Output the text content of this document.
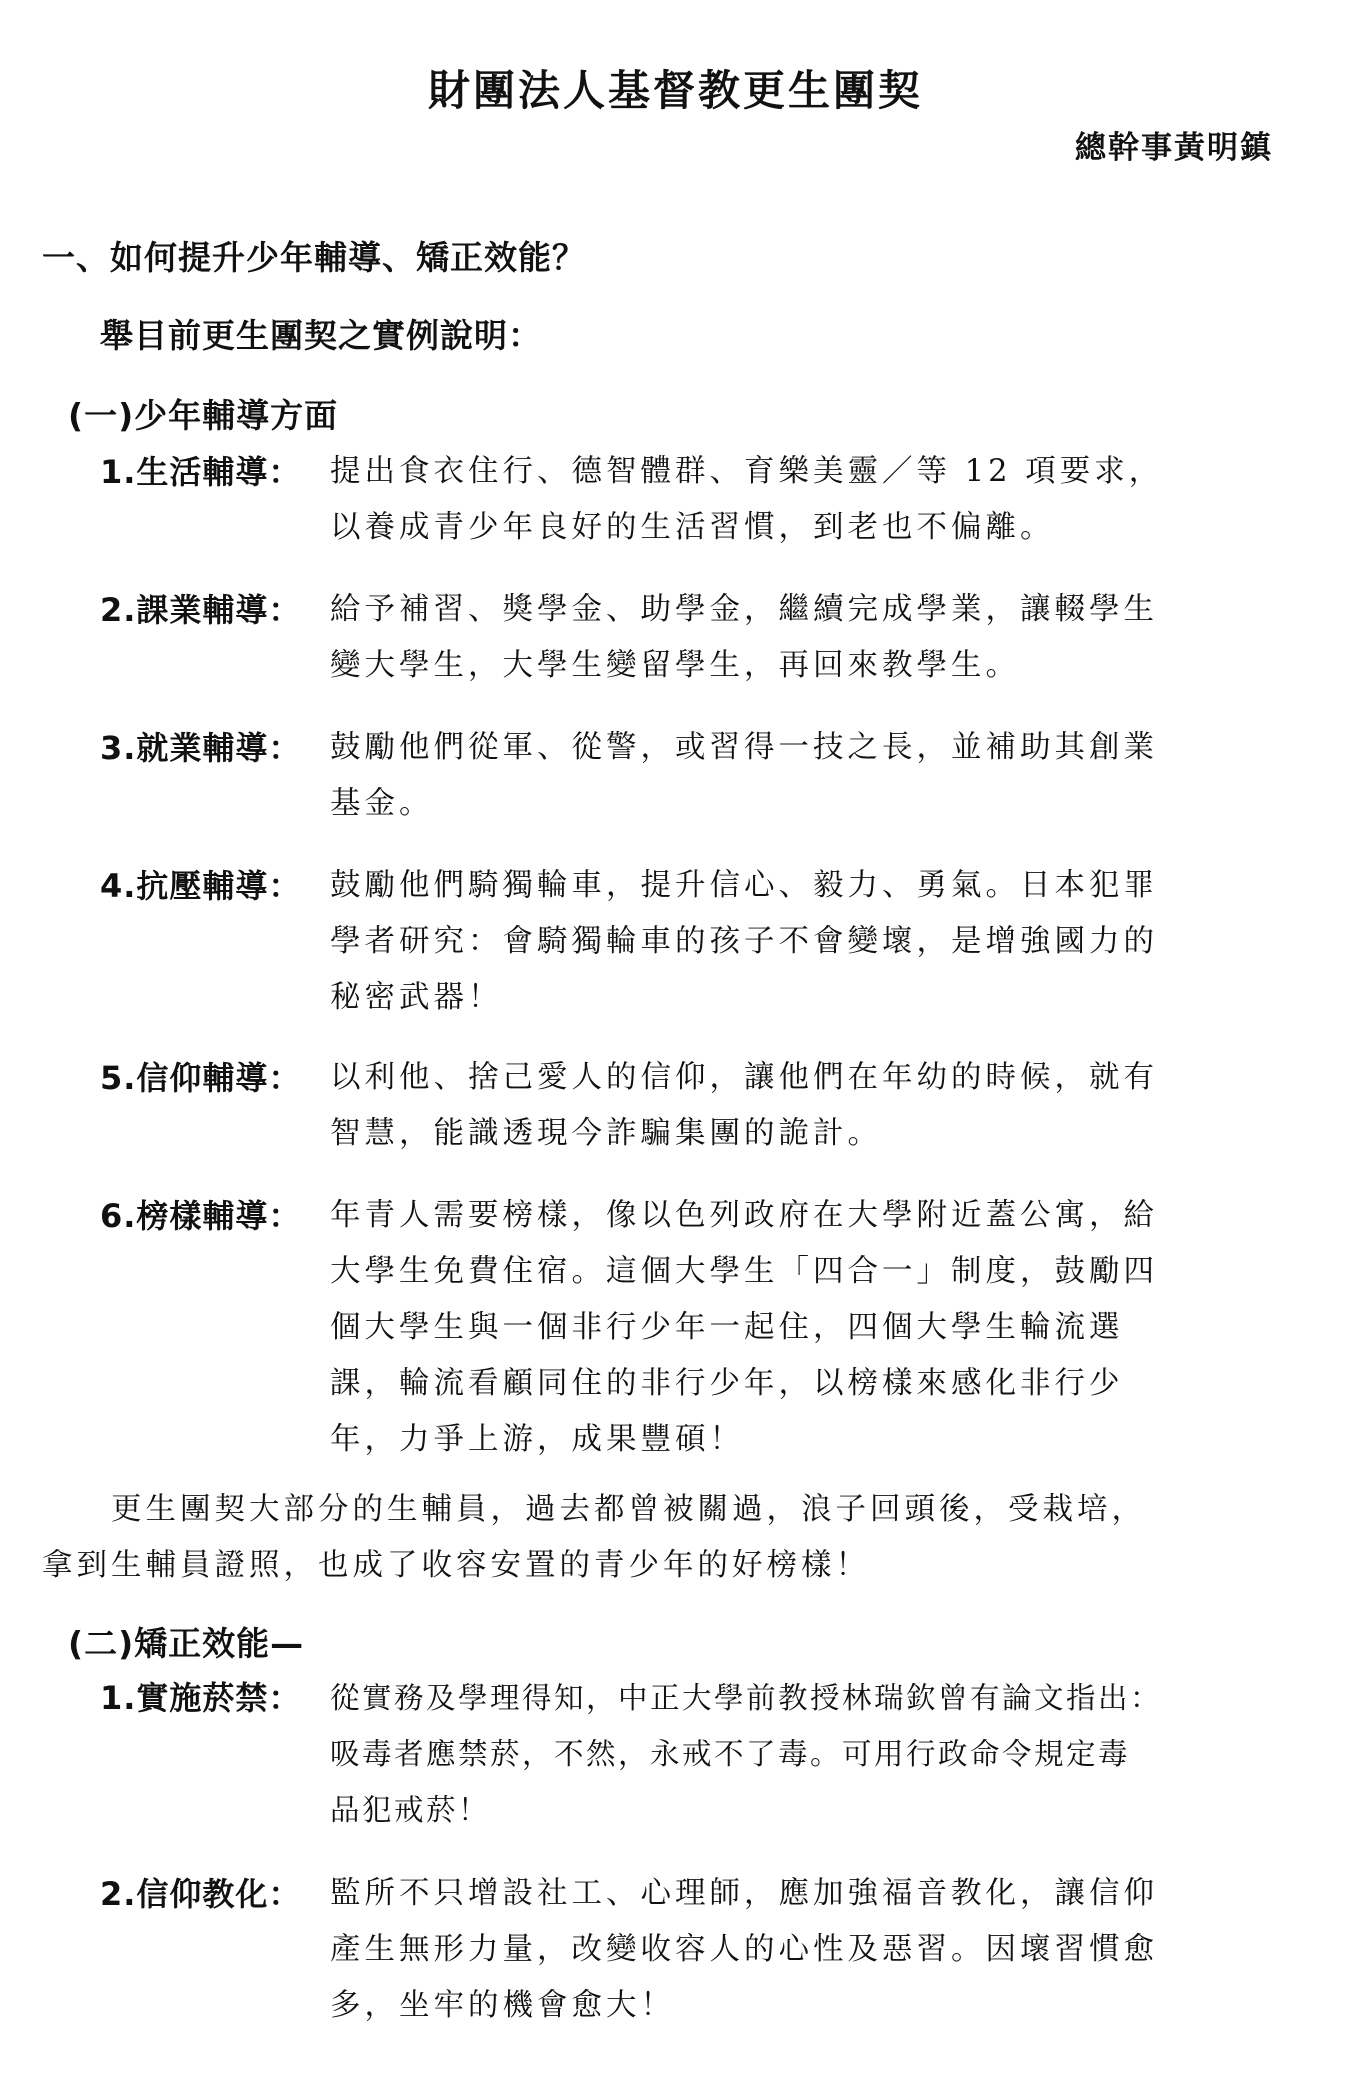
財團法人基督教更生團契
總幹事黃明鎮
一、如何提升少年輔導、矯正效能？
舉目前更生團契之實例說明：
(一)少年輔導方面
1.生活輔導： 提出食衣住行、德智體群、育樂美靈／等 12 項要求，
以養成青少年良好的生活習慣，到老也不偏離。
2.課業輔導： 給予補習、獎學金、助學金，繼續完成學業，讓輟學生
變大學生，大學生變留學生，再回來教學生。
3.就業輔導： 鼓勵他們從軍、從警，或習得一技之長，並補助其創業
基金。
4.抗壓輔導： 鼓勵他們騎獨輪車，提升信心、毅力、勇氣。日本犯罪
學者研究：會騎獨輪車的孩子不會變壞，是增強國力的
秘密武器！
5.信仰輔導： 以利他、捨己愛人的信仰，讓他們在年幼的時候，就有
智慧，能識透現今詐騙集團的詭計。
6.榜樣輔導： 年青人需要榜樣，像以色列政府在大學附近蓋公寓，給
大學生免費住宿。這個大學生「四合一」制度，鼓勵四
個大學生與一個非行少年一起住，四個大學生輪流選
課，輪流看顧同住的非行少年，以榜樣來感化非行少
年，力爭上游，成果豐碩！
　　更生團契大部分的生輔員，過去都曾被關過，浪子回頭後，受栽培，
拿到生輔員證照，也成了收容安置的青少年的好榜樣！
(二)矯正效能—
1.實施菸禁： 從實務及學理得知，中正大學前教授林瑞欽曾有論文指出：
吸毒者應禁菸，不然，永戒不了毒。可用行政命令規定毒
品犯戒菸！
2.信仰教化： 監所不只增設社工、心理師，應加強福音教化，讓信仰
產生無形力量，改變收容人的心性及惡習。因壞習慣愈
多，坐牢的機會愈大！
